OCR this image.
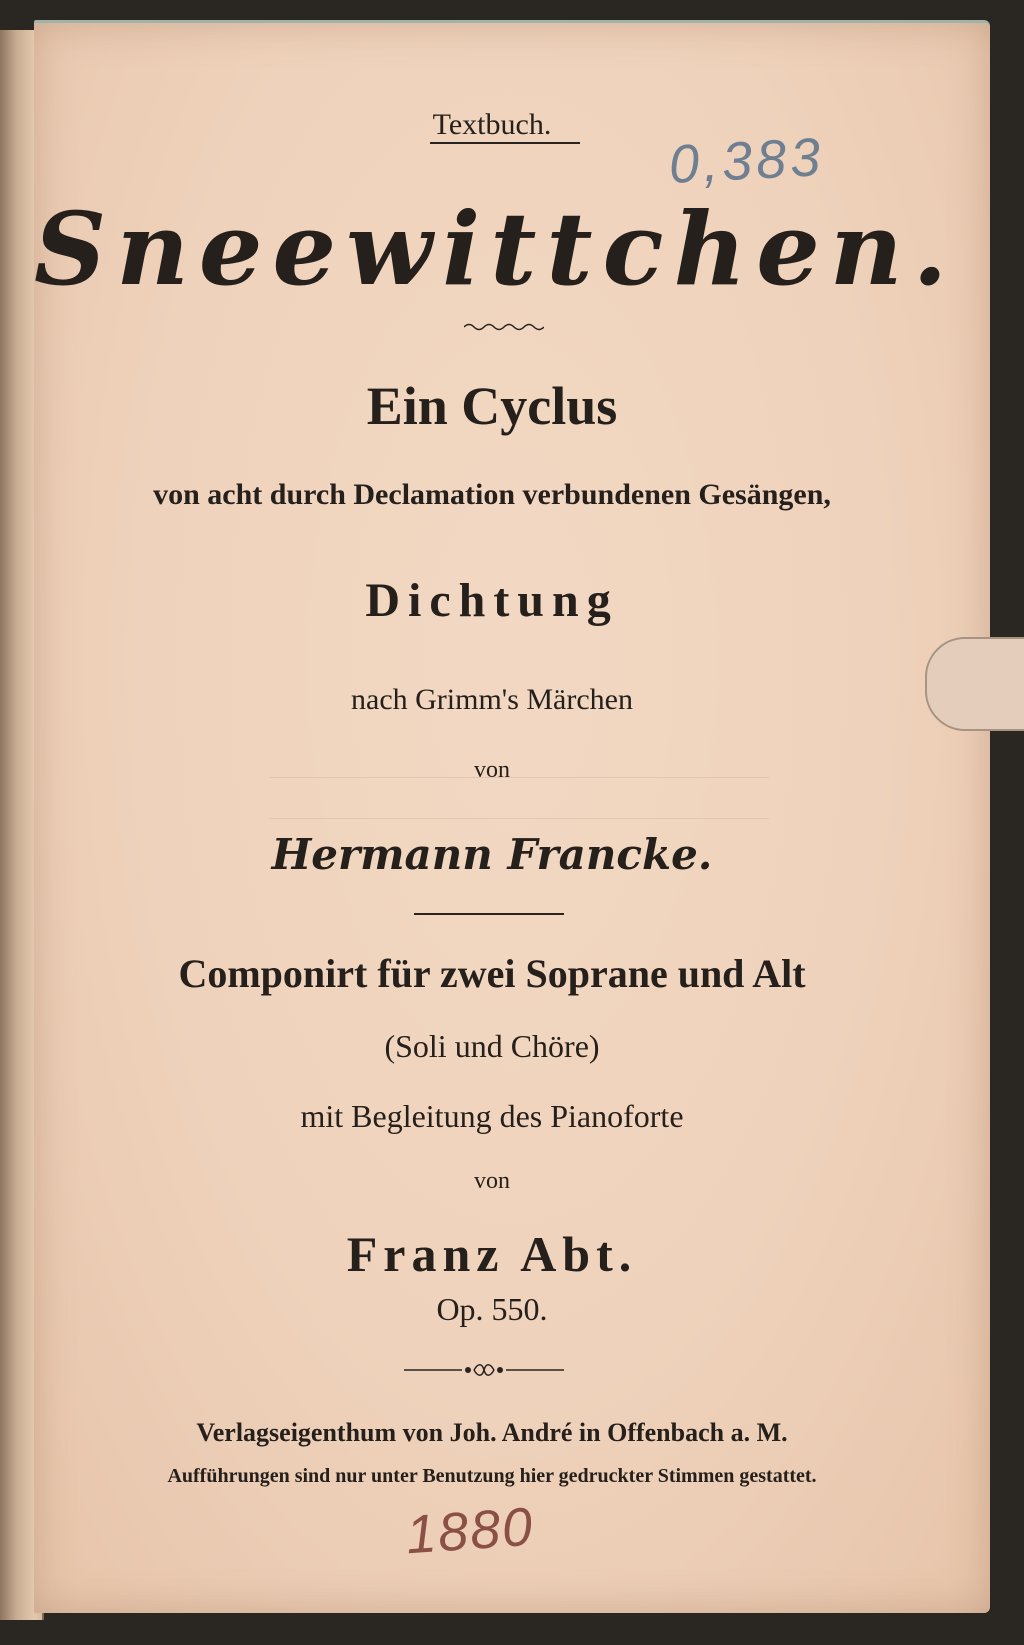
Textbuch.
0,383
Sneewittchen.
Ein Cyclus
von acht durch Declamation verbundenen Gesängen,
Dichtung
nach Grimm's Märchen
von
Hermann Francke.
Componirt für zwei Soprane und Alt
(Soli und Chöre)
mit Begleitung des Pianoforte
von
Franz Abt.
Op. 550.
Verlagseigenthum von Joh. André in Offenbach a. M.
Aufführungen sind nur unter Benutzung hier gedruckter Stimmen gestattet.
1880
